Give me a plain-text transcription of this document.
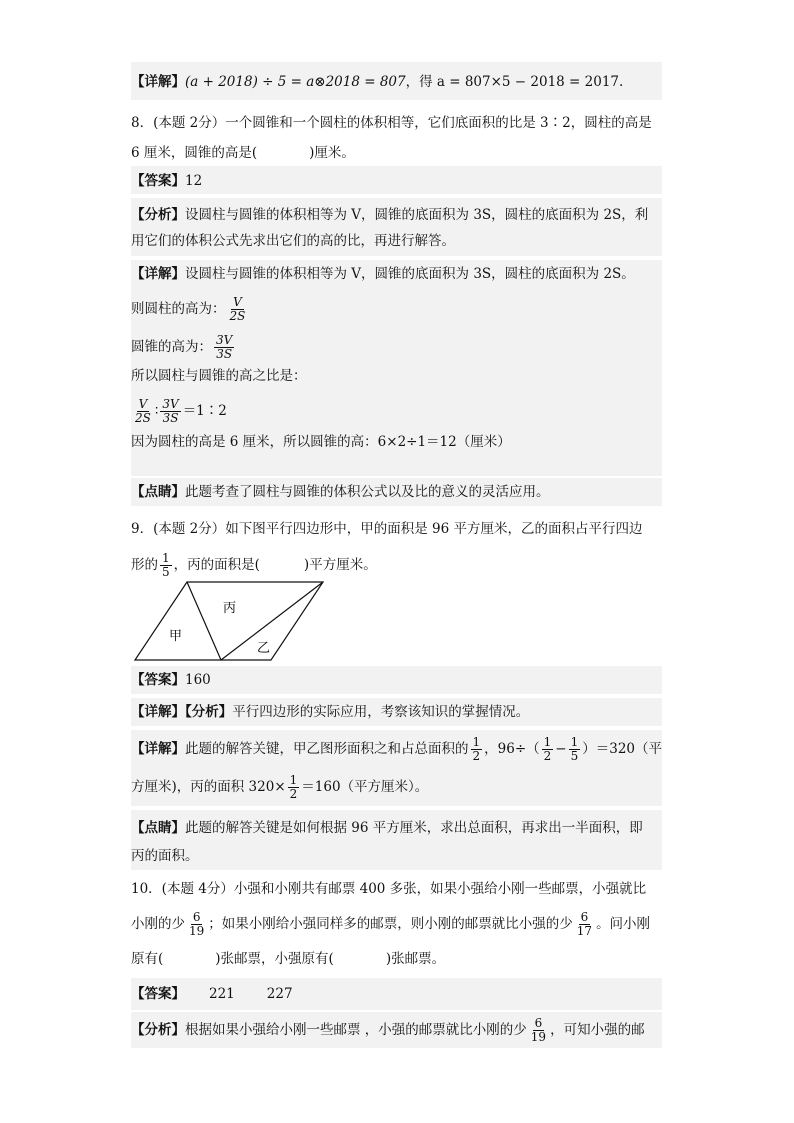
【详解】(a + 2018) ÷ 5 = a⊗2018 = 807，得 a = 807×5 − 2018 = 2017.
8．(本题 2分）一个圆锥和一个圆柱的体积相等，它们底面积的比是 3∶2，圆柱的高是
6 厘米，圆锥的高是(	)厘米。
【答案】12
【分析】设圆柱与圆锥的体积相等为 V，圆锥的底面积为 3S，圆柱的底面积为 2S，利
用它们的体积公式先求出它们的高的比，再进行解答。
【详解】设圆柱与圆锥的体积相等为 V，圆锥的底面积为 3S，圆柱的底面积为 2S。
则圆柱的高为： $\frac{V}{2S}$
圆锥的高为： $\frac{3V}{3S}$
所以圆柱与圆锥的高之比是：
$\frac{V}{2S}$ ∶ $\frac{3V}{3S}$ ＝1∶2
因为圆柱的高是 6 厘米，所以圆锥的高：6×2÷1＝12（厘米）
【点睛】此题考查了圆柱与圆锥的体积公式以及比的意义的灵活应用。
9．(本题 2分）如下图平行四边形中，甲的面积是 96 平方厘米，乙的面积占平行四边
形的 $\frac{1}{5}$ ，丙的面积是(	)平方厘米。
甲
丙
乙
【答案】160
【详解】【分析】平行四边形的实际应用，考察该知识的掌握情况。
【详解】此题的解答关键，甲乙图形面积之和占总面积的 $\frac{1}{2}$ ，$96\div( \frac{1}{2} - \frac{1}{5} )=320$（平
方厘米)，丙的面积 $320\times \frac{1}{2} =160$（平方厘米）。
【点睛】此题的解答关键是如何根据 96 平方厘米，求出总面积，再求出一半面积，即
丙的面积。
10．(本题 4分）小强和小刚共有邮票 400 多张，如果小强给小刚一些邮票，小强就比
小刚的少 $\frac{6}{19}$ ；如果小刚给小强同样多的邮票，则小刚的邮票就比小强的少 $\frac{6}{17}$ 。问小刚
原有(	)张邮票，小强原有(	)张邮票。
【答案】 221 227
【分析】根据如果小强给小刚一些邮票 ，小强的邮票就比小刚的少 $\frac{6}{19}$ ，可知小强的邮
